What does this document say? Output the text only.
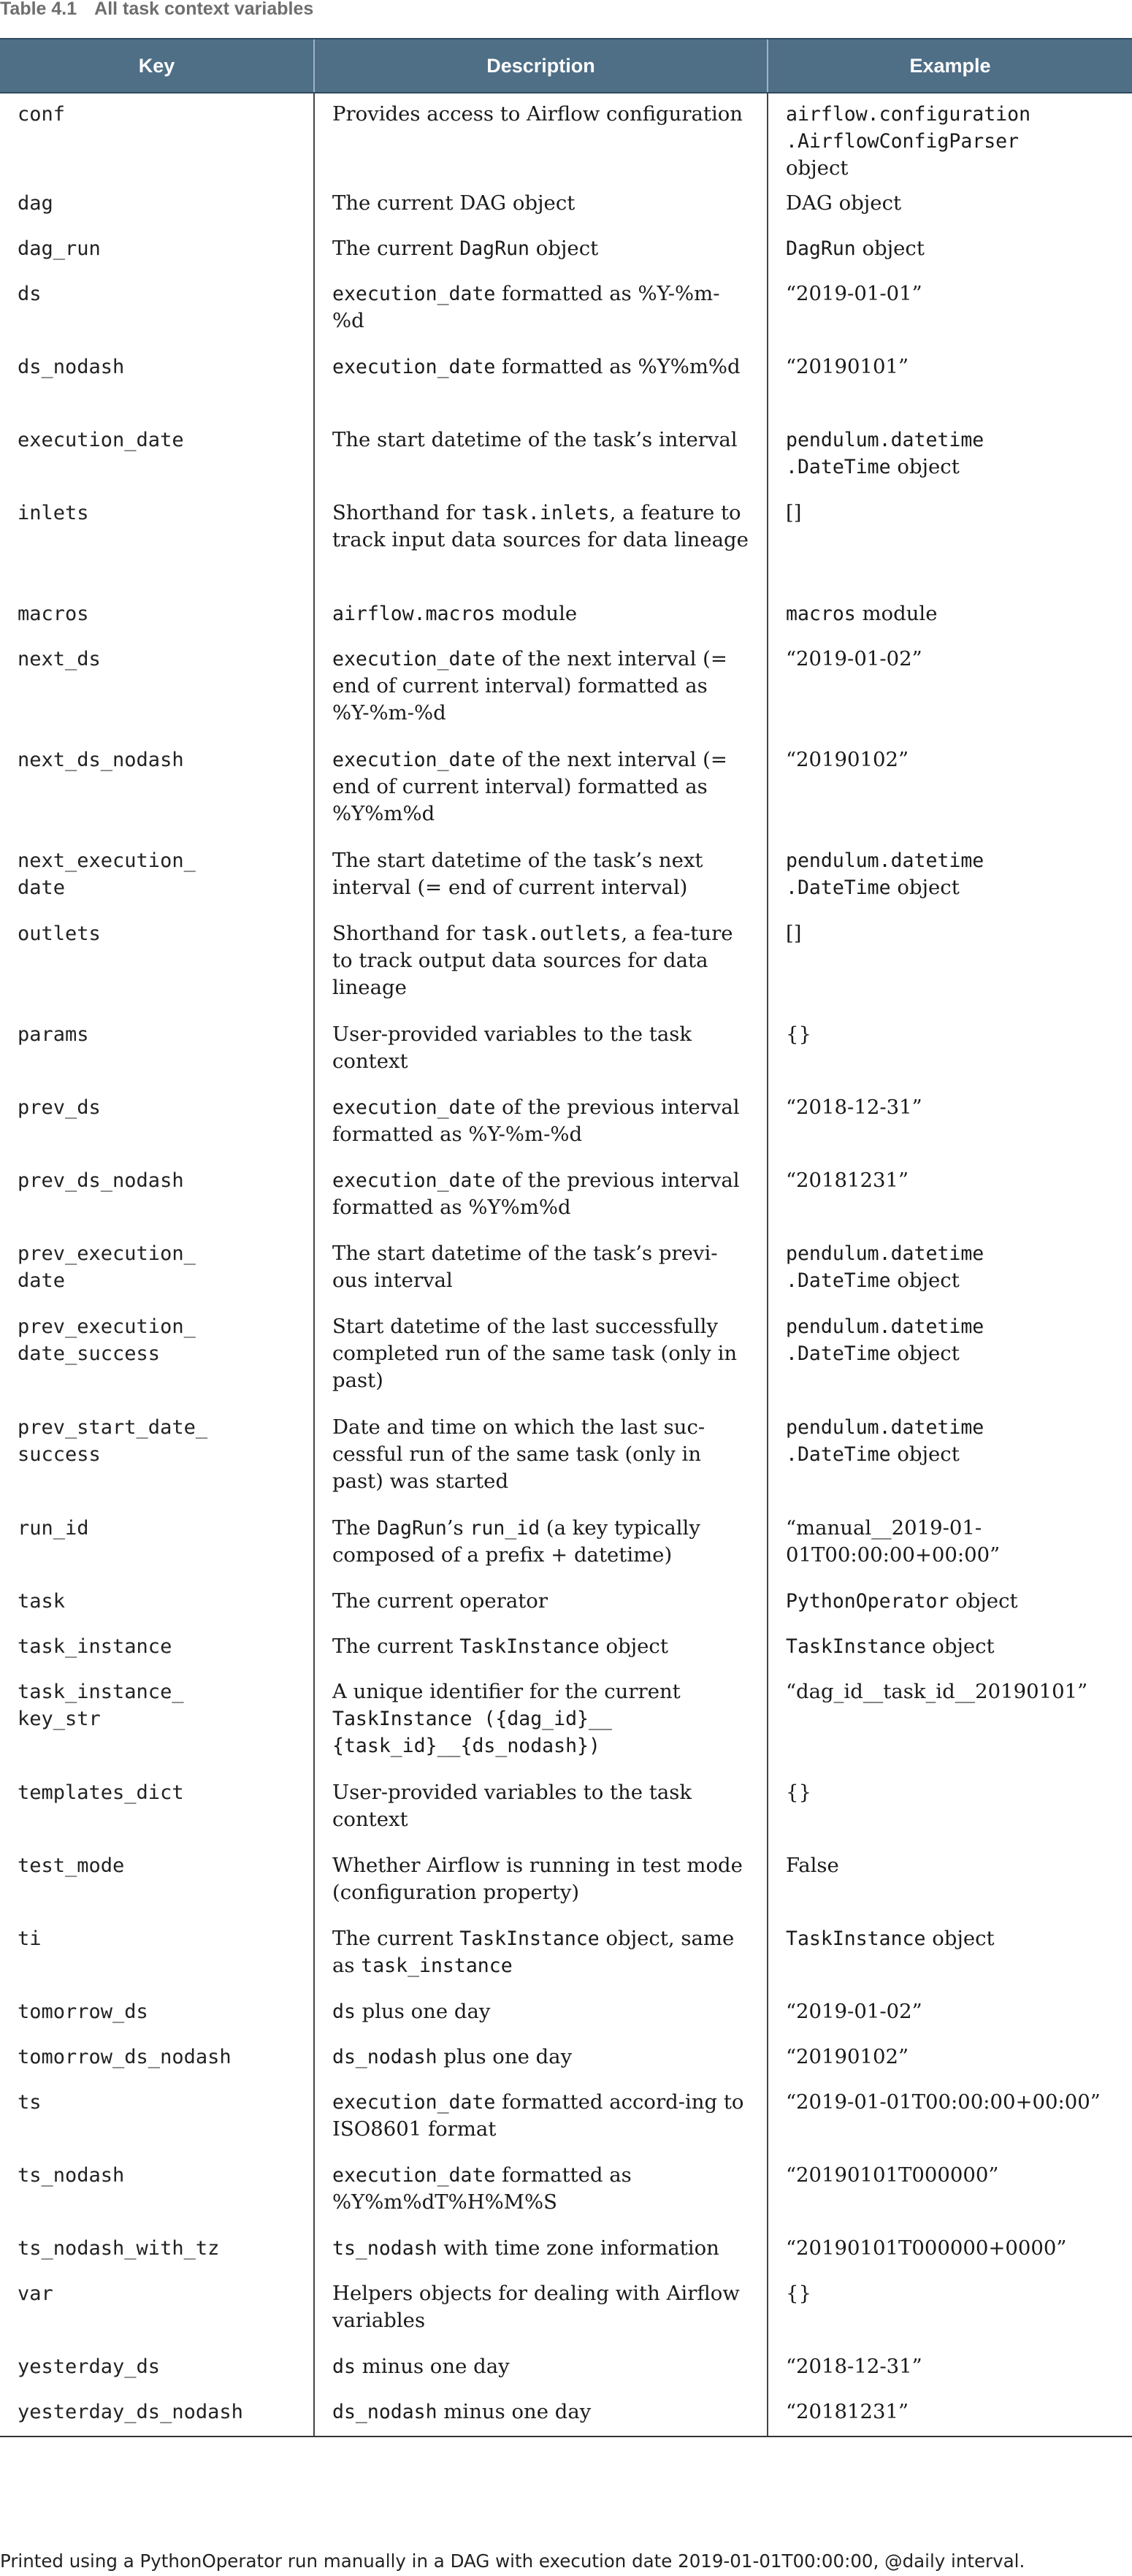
Table 4.1 All task context variables
Key	Description	Example
conf	Provides access to Airflow configuration	airflow.configuration
.AirflowConfigParser
object
dag	The current DAG object	DAG object
dag_run	The current DagRun object	DagRun object
ds	execution_date formatted as %Y-%m-%d	“2019-01-01”
ds_nodash	execution_date formatted as %Y%m%d	“20190101”
execution_date	The start datetime of the task’s interval	pendulum.datetime
.DateTime object
inlets	Shorthand for task.inlets, a feature to track input data sources for data lineage	[]
macros	airflow.macros module	macros module
next_ds	execution_date of the next interval (= end of current interval) formatted as %Y-%m-%d	“2019-01-02”
next_ds_nodash	execution_date of the next interval (= end of current interval) formatted as %Y%m%d	“20190102”
next_execution_
date	The start datetime of the task’s next interval (= end of current interval)	pendulum.datetime
.DateTime object
outlets	Shorthand for task.outlets, a fea-ture to track output data sources for data lineage	[]
params	User-provided variables to the task context	{}
prev_ds	execution_date of the previous interval formatted as %Y-%m-%d	“2018-12-31”
prev_ds_nodash	execution_date of the previous interval formatted as %Y%m%d	“20181231”
prev_execution_
date	The start datetime of the task’s previ-ous interval	pendulum.datetime
.DateTime object
prev_execution_
date_success	Start datetime of the last successfully completed run of the same task (only in past)	pendulum.datetime
.DateTime object
prev_start_date_
success	Date and time on which the last suc-cessful run of the same task (only in past) was started	pendulum.datetime
.DateTime object
run_id	The DagRun’s run_id (a key typically composed of a prefix + datetime)	“manual__2019-01-01T00:00:00+00:00”
task	The current operator	PythonOperator object
task_instance	The current TaskInstance object	TaskInstance object
task_instance_
key_str	A unique identifier for the current TaskInstance ({dag_id}__ {task_id}__{ds_nodash})	“dag_id__task_id__20190101”
templates_dict	User-provided variables to the task context	{}
test_mode	Whether Airflow is running in test mode (configuration property)	False
ti	The current TaskInstance object, same as task_instance	TaskInstance object
tomorrow_ds	ds plus one day	“2019-01-02”
tomorrow_ds_nodash	ds_nodash plus one day	“20190102”
ts	execution_date formatted accord-ing to ISO8601 format	“2019-01-01T00:00:00+00:00”
ts_nodash	execution_date formatted as %Y%m%dT%H%M%S	“20190101T000000”
ts_nodash_with_tz	ts_nodash with time zone information	“20190101T000000+0000”
var	Helpers objects for dealing with Airflow variables	{}
yesterday_ds	ds minus one day	“2018-12-31”
yesterday_ds_nodash	ds_nodash minus one day	“20181231”
Printed using a PythonOperator run manually in a DAG with execution date 2019-01-01T00:00:00, @daily interval.
